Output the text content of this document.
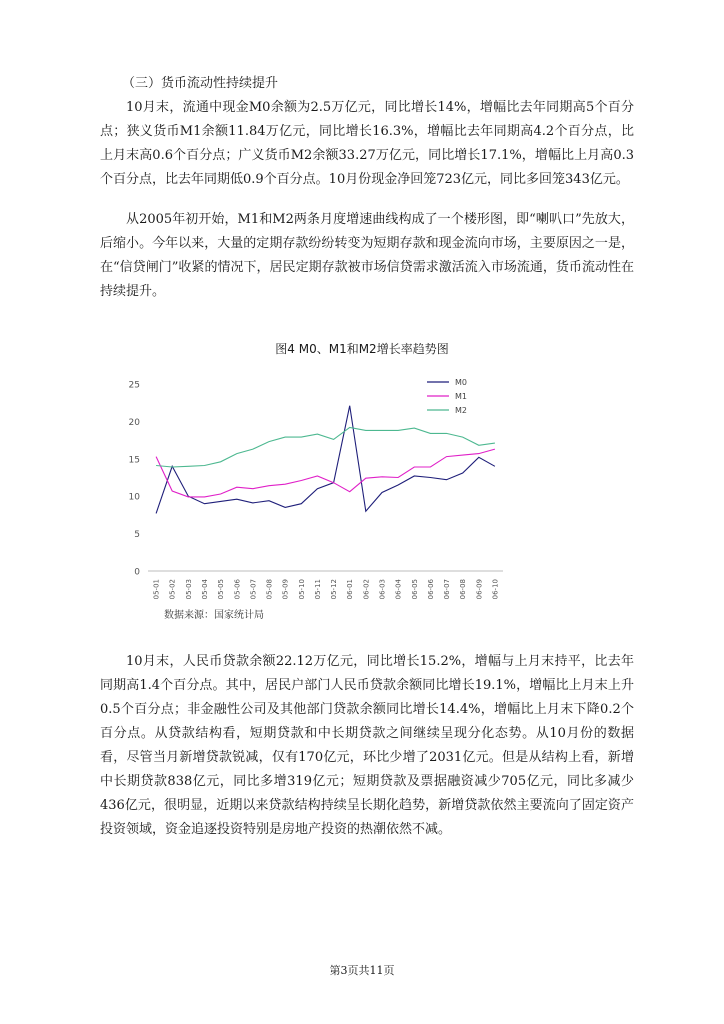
（三）货币流动性持续提升

10月末，流通中现金M0余额为2.5万亿元，同比增长14%，增幅比去年同期高5个百分点；狭义货币M1余额11.84万亿元，同比增长16.3%，增幅比去年同期高4.2个百分点，比上月末高0.6个百分点；广义货币M2余额33.27万亿元，同比增长17.1%，增幅比上月高0.3个百分点，比去年同期低0.9个百分点。10月份现金净回笼723亿元，同比多回笼343亿元。

从2005年初开始，M1和M2两条月度增速曲线构成了一个楼形图，即“喇叭口”先放大，后缩小。今年以来，大量的定期存款纷纷转变为短期存款和现金流向市场，主要原因之一是，在“信贷闸门”收紧的情况下，居民定期存款被市场信贷需求激活流入市场流通，货币流动性在持续提升。

图4 M0、M1和M2增长率趋势图
0
5
10
15
20
25
05-01 05-02 05-03 05-04 05-05 05-06 05-07 05-08 05-09 05-10 05-11 05-12 06-01 06-02 06-03 06-04 06-05 06-06 06-07 06-08 06-09 06-10
M0
M1
M2
数据来源：国家统计局

10月末，人民币贷款余额22.12万亿元，同比增长15.2%，增幅与上月末持平，比去年同期高1.4个百分点。其中，居民户部门人民币贷款余额同比增长19.1%，增幅比上月末上升0.5个百分点；非金融性公司及其他部门贷款余额同比增长14.4%，增幅比上月末下降0.2个百分点。从贷款结构看，短期贷款和中长期贷款之间继续呈现分化态势。从10月份的数据看，尽管当月新增贷款锐减，仅有170亿元，环比少增了2031亿元。但是从结构上看，新增中长期贷款838亿元，同比多增319亿元；短期贷款及票据融资减少705亿元，同比多减少436亿元，很明显，近期以来贷款结构持续呈长期化趋势，新增贷款依然主要流向了固定资产投资领域，资金追逐投资特别是房地产投资的热潮依然不减。

第3页共11页
